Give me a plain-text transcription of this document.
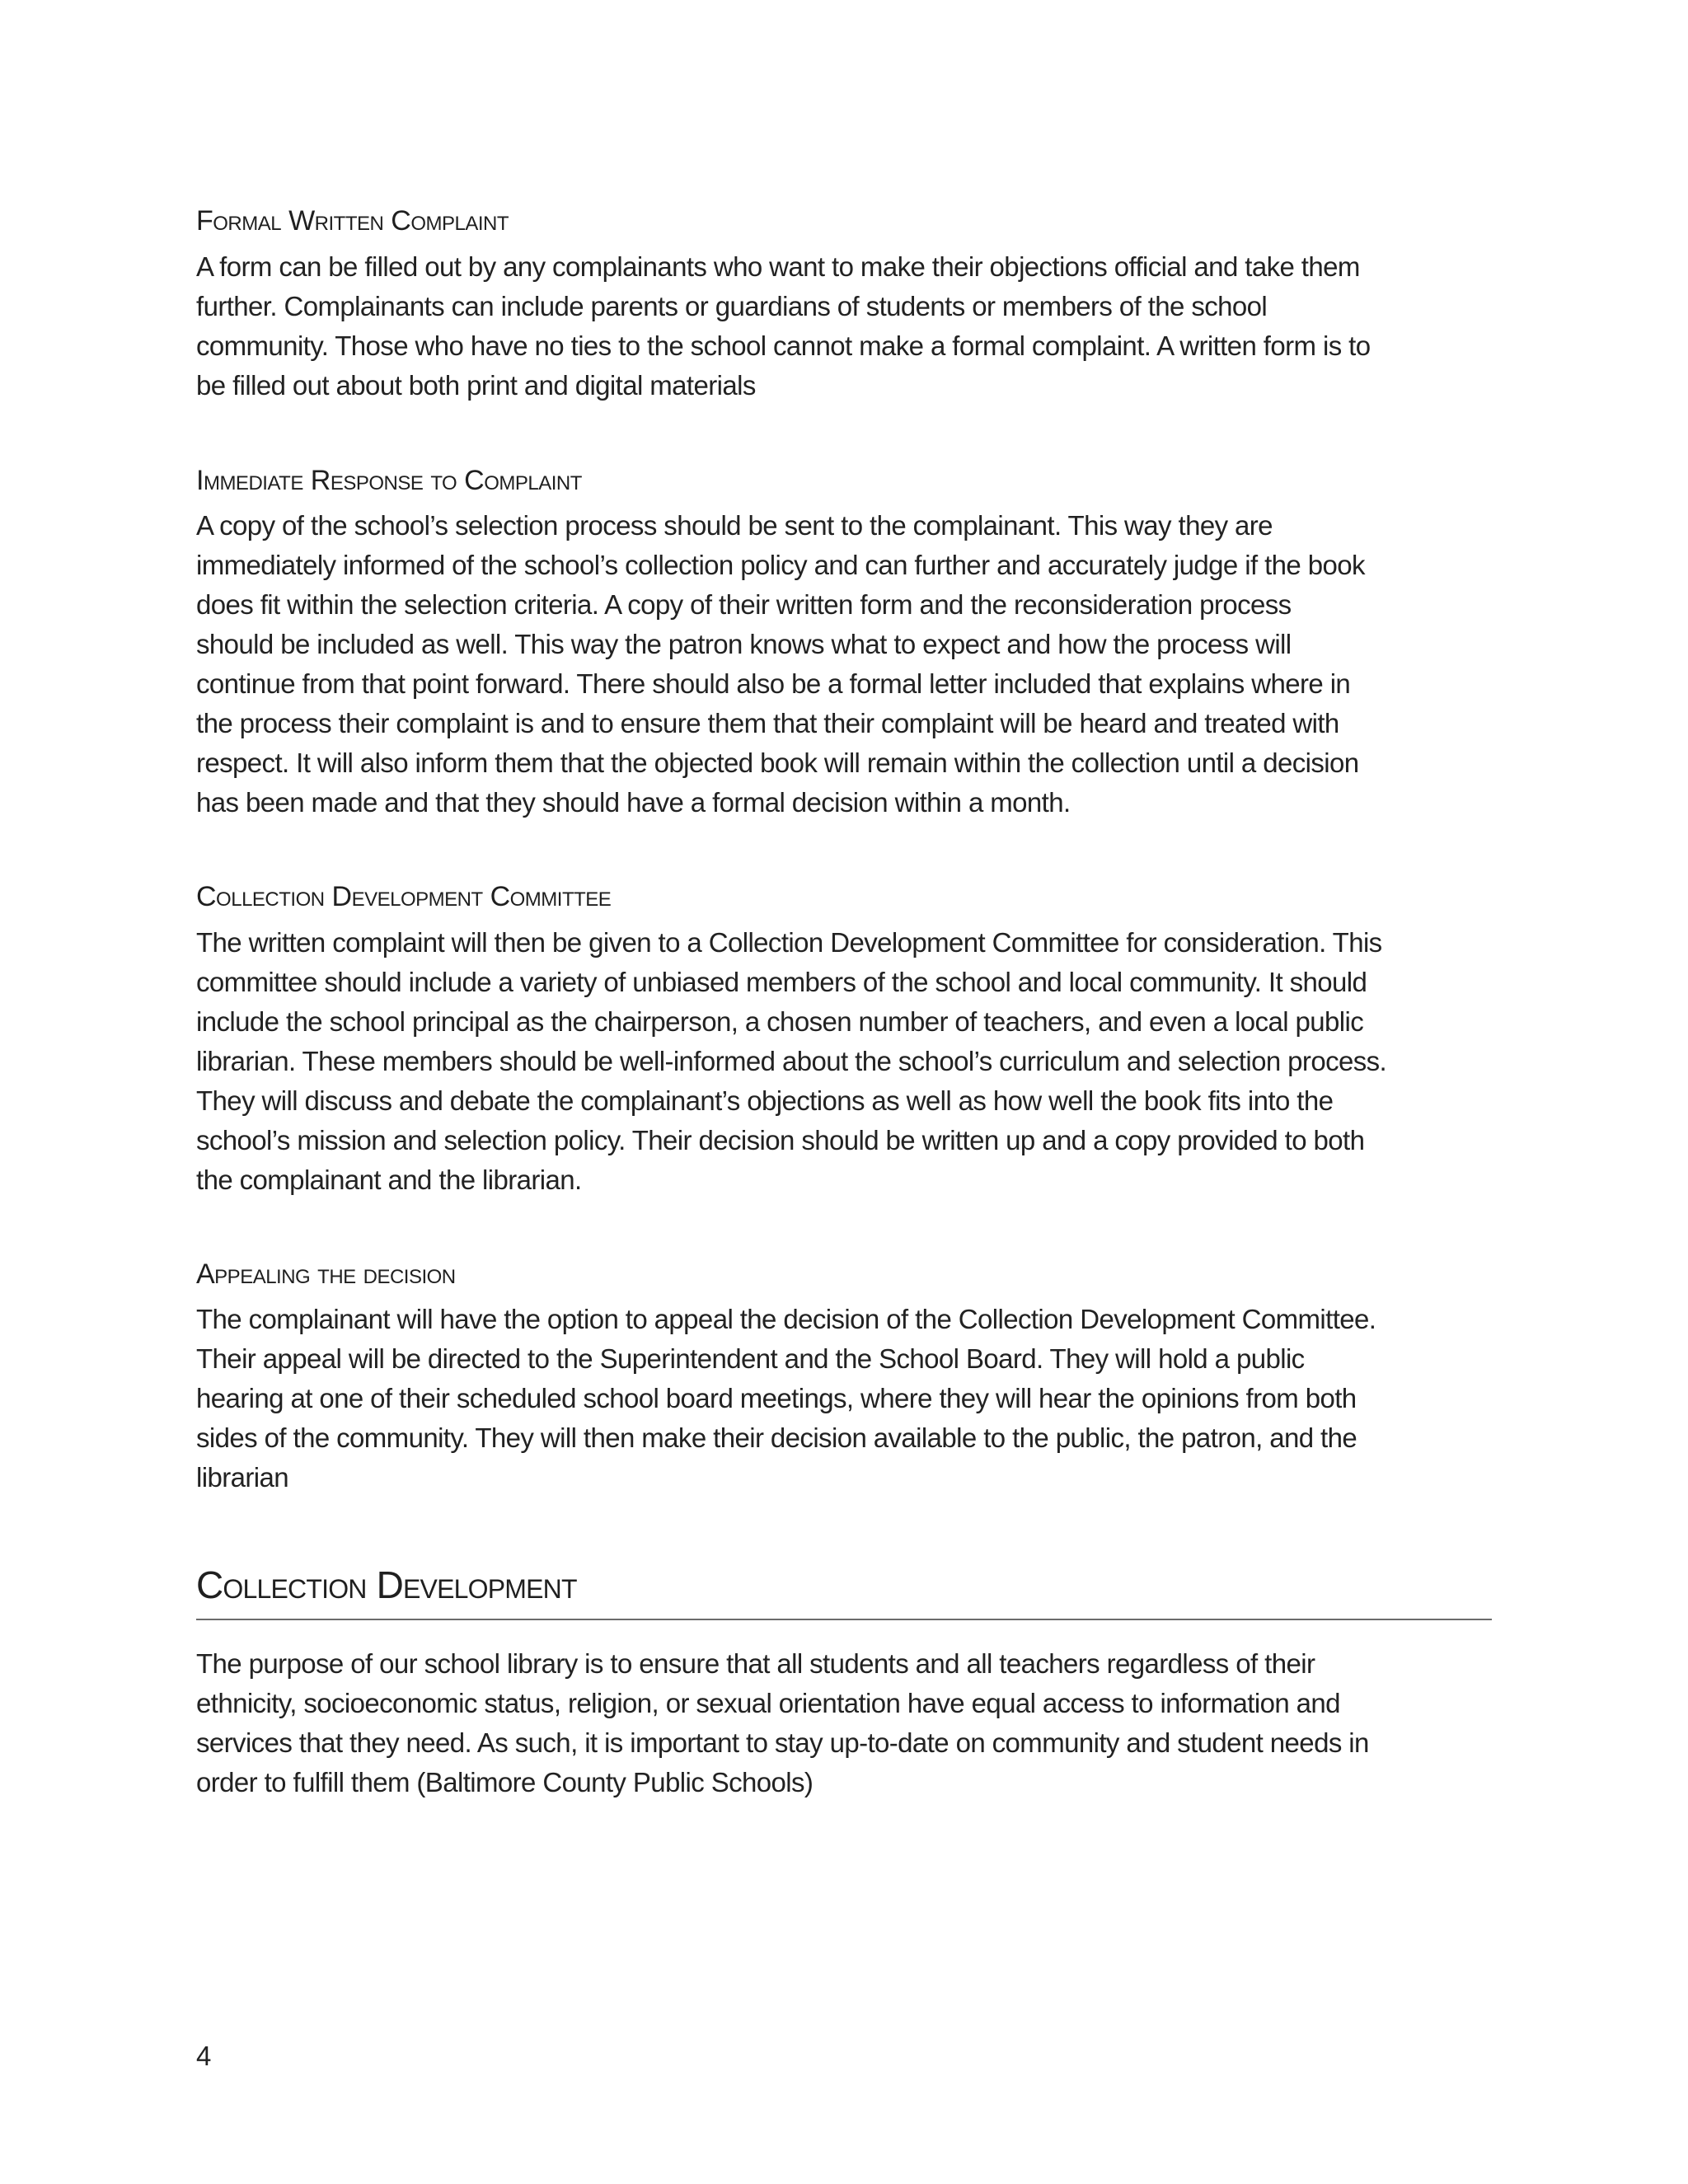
Formal Written Complaint

A form can be filled out by any complainants who want to make their objections official and take them
further. Complainants can include parents or guardians of students or members of the school
community. Those who have no ties to the school cannot make a formal complaint. A written form is to
be filled out about both print and digital materials

Immediate Response to Complaint

A copy of the school’s selection process should be sent to the complainant. This way they are
immediately informed of the school’s collection policy and can further and accurately judge if the book
does fit within the selection criteria. A copy of their written form and the reconsideration process
should be included as well. This way the patron knows what to expect and how the process will
continue from that point forward. There should also be a formal letter included that explains where in
the process their complaint is and to ensure them that their complaint will be heard and treated with
respect. It will also inform them that the objected book will remain within the collection until a decision
has been made and that they should have a formal decision within a month.

Collection Development Committee

The written complaint will then be given to a Collection Development Committee for consideration. This
committee should include a variety of unbiased members of the school and local community. It should
include the school principal as the chairperson, a chosen number of teachers, and even a local public
librarian. These members should be well-informed about the school’s curriculum and selection process.
They will discuss and debate the complainant’s objections as well as how well the book fits into the
school’s mission and selection policy. Their decision should be written up and a copy provided to both
the complainant and the librarian.

Appealing the decision

The complainant will have the option to appeal the decision of the Collection Development Committee.
Their appeal will be directed to the Superintendent and the School Board. They will hold a public
hearing at one of their scheduled school board meetings, where they will hear the opinions from both
sides of the community. They will then make their decision available to the public, the patron, and the
librarian

Collection Development

The purpose of our school library is to ensure that all students and all teachers regardless of their
ethnicity, socioeconomic status, religion, or sexual orientation have equal access to information and
services that they need. As such, it is important to stay up-to-date on community and student needs in
order to fulfill them (Baltimore County Public Schools)

4
